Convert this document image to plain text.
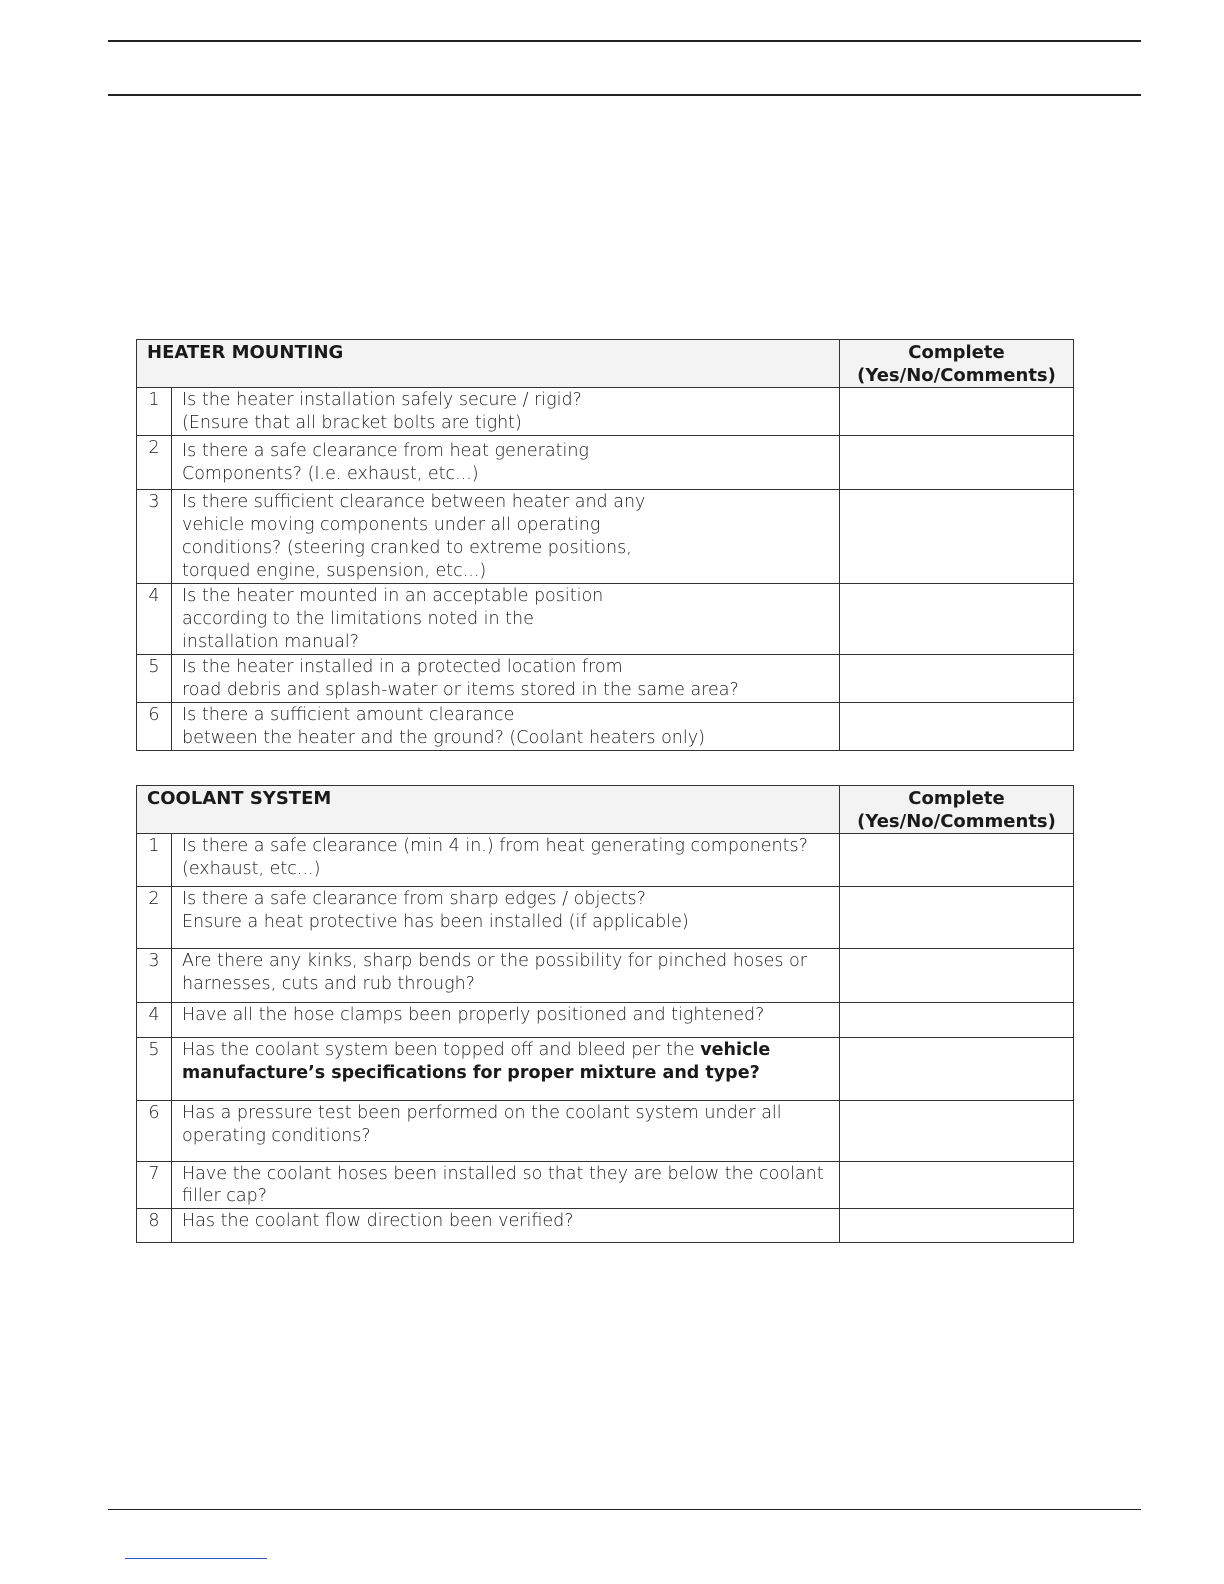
HEATER MOUNTING		Complete
(Yes/No/Comments)
1	Is the heater installation safely secure / rigid?
(Ensure that all bracket bolts are tight)	
2	Is there a safe clearance from heat generating
Components? (I.e. exhaust, etc...)	
3	Is there sufficient clearance between heater and any
vehicle moving components under all operating
conditions? (steering cranked to extreme positions,
torqued engine, suspension, etc...)	
4	Is the heater mounted in an acceptable position
according to the limitations noted in the
installation manual?	
5	Is the heater installed in a protected location from
road debris and splash-water or items stored in the same area?	
6	Is there a sufficient amount clearance
between the heater and the ground? (Coolant heaters only)	
COOLANT SYSTEM		Complete
(Yes/No/Comments)
1	Is there a safe clearance (min 4 in.) from heat generating components?
(exhaust, etc...)	
2	Is there a safe clearance from sharp edges / objects?
Ensure a heat protective has been installed (if applicable)	
3	Are there any kinks, sharp bends or the possibility for pinched hoses or
harnesses, cuts and rub through?	
4	Have all the hose clamps been properly positioned and tightened?	
5	Has the coolant system been topped off and bleed per the vehicle manufacture’s specifications for proper mixture and type?	
6	Has a pressure test been performed on the coolant system under all
operating conditions?	
7	Have the coolant hoses been installed so that they are below the coolant
filler cap?	
8	Has the coolant flow direction been verified?	
